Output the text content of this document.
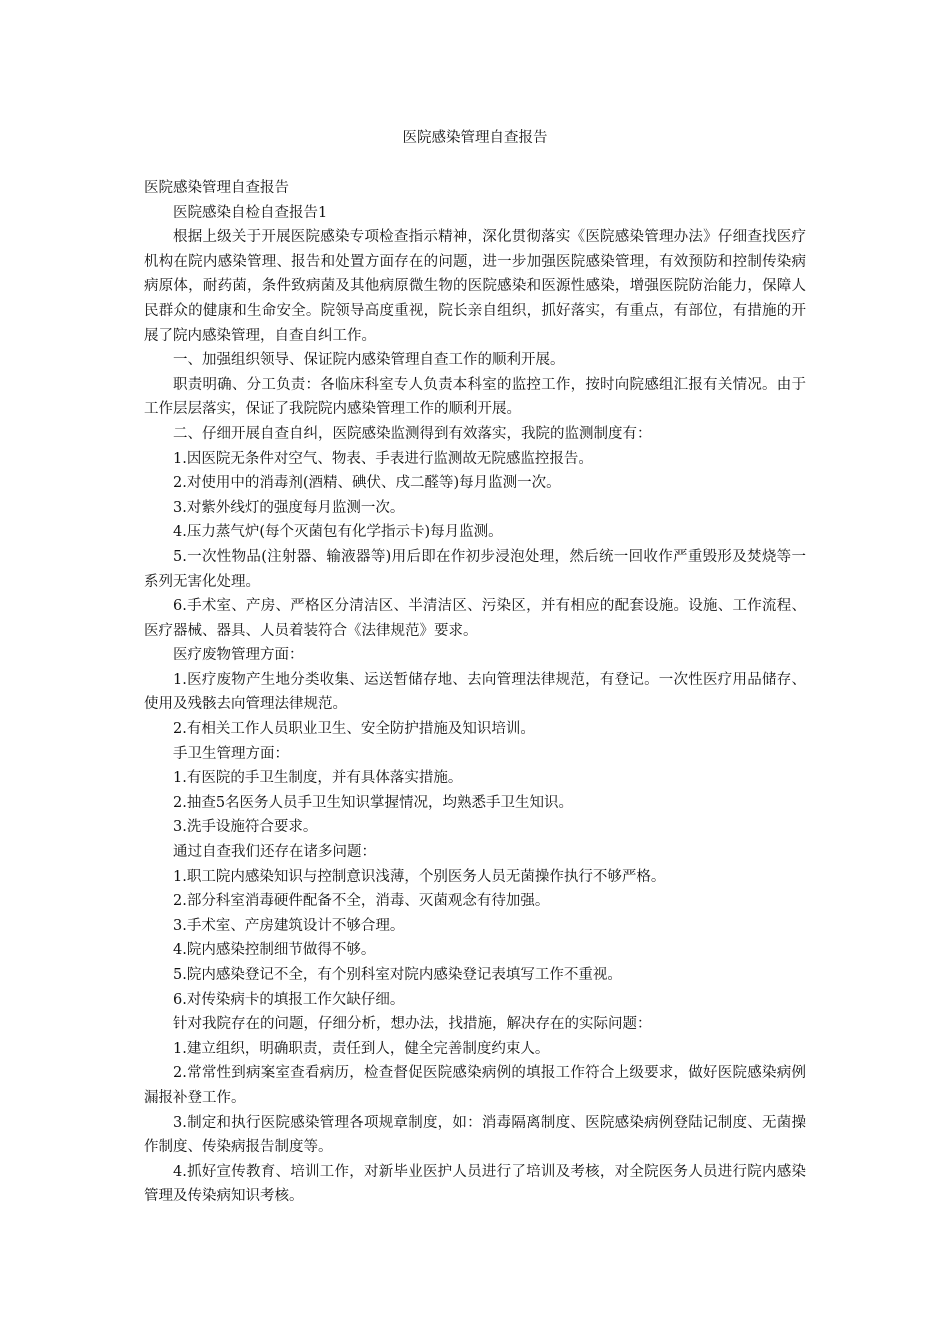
医院感染管理自查报告

医院感染管理自查报告

医院感染自检自查报告1

根据上级关于开展医院感染专项检查指示精神，深化贯彻落实《医院感染管理办法》仔细查找医疗机构在院内感染管理、报告和处置方面存在的问题，进一步加强医院感染管理，有效预防和控制传染病病原体，耐药菌，条件致病菌及其他病原微生物的医院感染和医源性感染，增强医院防治能力，保障人民群众的健康和生命安全。院领导高度重视，院长亲自组织，抓好落实，有重点，有部位，有措施的开展了院内感染管理，自查自纠工作。

一、加强组织领导、保证院内感染管理自查工作的顺利开展。

职责明确、分工负责：各临床科室专人负责本科室的监控工作，按时向院感组汇报有关情况。由于工作层层落实，保证了我院院内感染管理工作的顺利开展。

二、仔细开展自查自纠，医院感染监测得到有效落实，我院的监测制度有：

1.因医院无条件对空气、物表、手表进行监测故无院感监控报告。

2.对使用中的消毒剂(酒精、碘伏、戌二醛等)每月监测一次。

3.对紫外线灯的强度每月监测一次。

4.压力蒸气炉(每个灭菌包有化学指示卡)每月监测。

5.一次性物品(注射器、输液器等)用后即在作初步浸泡处理，然后统一回收作严重毁形及焚烧等一系列无害化处理。

6.手术室、产房、严格区分清洁区、半清洁区、污染区，并有相应的配套设施。设施、工作流程、医疗器械、器具、人员着装符合《法律规范》要求。

医疗废物管理方面：

1.医疗废物产生地分类收集、运送暂储存地、去向管理法律规范，有登记。一次性医疗用品储存、使用及残骸去向管理法律规范。

2.有相关工作人员职业卫生、安全防护措施及知识培训。

手卫生管理方面：

1.有医院的手卫生制度，并有具体落实措施。

2.抽查5名医务人员手卫生知识掌握情况，均熟悉手卫生知识。

3.洗手设施符合要求。

通过自查我们还存在诸多问题：

1.职工院内感染知识与控制意识浅薄，个别医务人员无菌操作执行不够严格。

2.部分科室消毒硬件配备不全，消毒、灭菌观念有待加强。

3.手术室、产房建筑设计不够合理。

4.院内感染控制细节做得不够。

5.院内感染登记不全，有个别科室对院内感染登记表填写工作不重视。

6.对传染病卡的填报工作欠缺仔细。

针对我院存在的问题，仔细分析，想办法，找措施，解决存在的实际问题：

1.建立组织，明确职责，责任到人，健全完善制度约束人。

2.常常性到病案室查看病历，检查督促医院感染病例的填报工作符合上级要求，做好医院感染病例漏报补登工作。

3.制定和执行医院感染管理各项规章制度，如：消毒隔离制度、医院感染病例登陆记制度、无菌操作制度、传染病报告制度等。

4.抓好宣传教育、培训工作，对新毕业医护人员进行了培训及考核，对全院医务人员进行院内感染管理及传染病知识考核。
